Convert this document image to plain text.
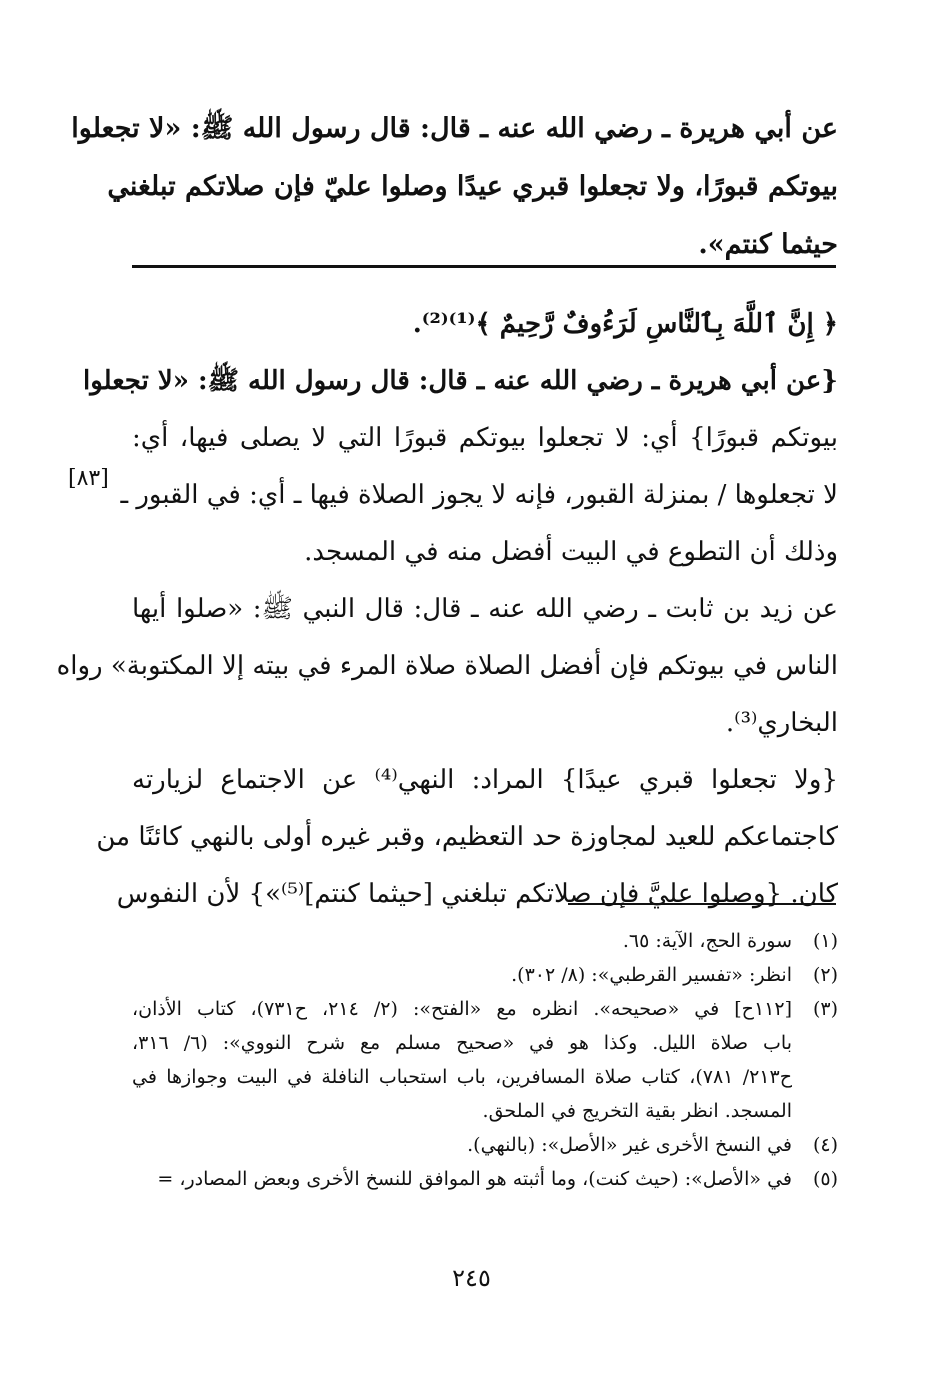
عن أبي هريرة ـ رضي الله عنه ـ قال: قال رسول الله ﷺ: «لا تجعلوا
بيوتكم قبورًا، ولا تجعلوا قبري عيدًا وصلوا عليّ فإن صلاتكم تبلغني
حيثما كنتم».
﴿ إِنَّ ٱللَّهَ بِٱلنَّاسِ لَرَءُوفٌ رَّحِيمٌ ﴾⁽¹⁾⁽²⁾.
{عن أبي هريرة ـ رضي الله عنه ـ قال: قال رسول الله ﷺ: «لا تجعلوا
بيوتكم قبورًا} أي: لا تجعلوا بيوتكم قبورًا التي لا يصلى فيها، أي:
لا تجعلوها / بمنزلة القبور، فإنه لا يجوز الصلاة فيها ـ أي: في القبور ـ
وذلك أن التطوع في البيت أفضل منه في المسجد.
عن زيد بن ثابت ـ رضي الله عنه ـ قال: قال النبي ﷺ: «صلوا أيها
الناس في بيوتكم فإن أفضل الصلاة صلاة المرء في بيته إلا المكتوبة» رواه
البخاري⁽³⁾.
{ولا تجعلوا قبري عيدًا} المراد: النهي⁽⁴⁾ عن الاجتماع لزيارته
كاجتماعكم للعيد لمجاوزة حد التعظيم، وقبر غيره أولى بالنهي كائنًا من
كان. {وصلوا عليَّ فإن صلاتكم تبلغني [حيثما كنتم]⁽⁵⁾»} لأن النفوس
[٨٣]
(١)
سورة الحج، الآية: ٦٥.
(٢)
انظر: «تفسير القرطبي»: (٨/ ٣٠٢).
(٣)
[١١٢ح] في «صحيحه». انظره مع «الفتح»: (٢/ ٢١٤، ح٧٣١)، كتاب الأذان،
باب صلاة الليل. وكذا هو في «صحيح مسلم مع شرح النووي»: (٦/ ٣١٦،
ح٢١٣/ ٧٨١)، كتاب صلاة المسافرين، باب استحباب النافلة في البيت وجوازها في
المسجد. انظر بقية التخريج في الملحق.
(٤)
في النسخ الأخرى غير «الأصل»: (بالنهي).
(٥)
في «الأصل»: (حيث كنت)، وما أثبته هو الموافق للنسخ الأخرى وبعض المصادر، =
٢٤٥
